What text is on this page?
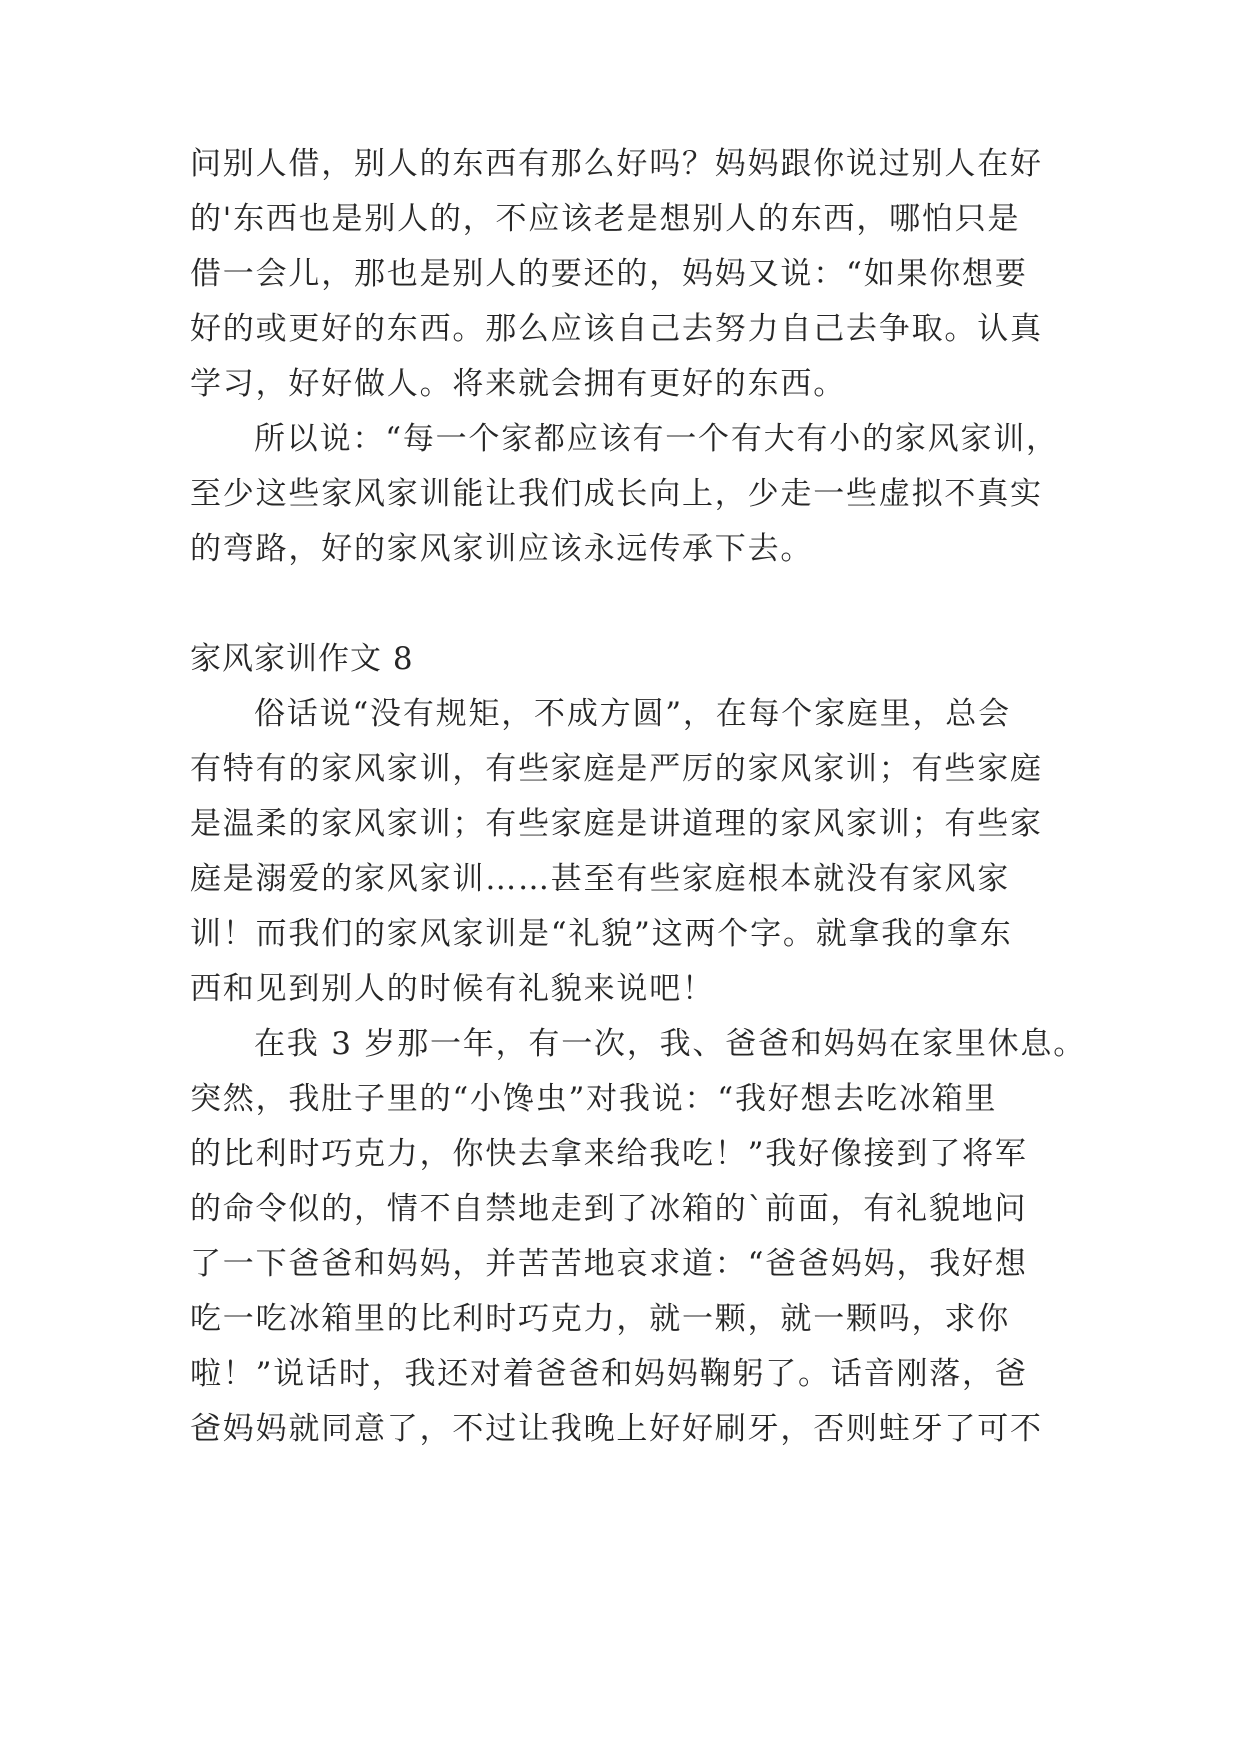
问别人借，别人的东西有那么好吗？妈妈跟你说过别人在好
的'东西也是别人的，不应该老是想别人的东西，哪怕只是
借一会儿，那也是别人的要还的，妈妈又说：“如果你想要
好的或更好的东西。那么应该自己去努力自己去争取。认真
学习，好好做人。将来就会拥有更好的东西。
所以说：“每一个家都应该有一个有大有小的家风家训，
至少这些家风家训能让我们成长向上，少走一些虚拟不真实
的弯路，好的家风家训应该永远传承下去。
家风家训作文 8
俗话说“没有规矩，不成方圆”，在每个家庭里，总会
有特有的家风家训，有些家庭是严厉的家风家训；有些家庭
是温柔的家风家训；有些家庭是讲道理的家风家训；有些家
庭是溺爱的家风家训……甚至有些家庭根本就没有家风家
训！而我们的家风家训是“礼貌”这两个字。就拿我的拿东
西和见到别人的时候有礼貌来说吧！
在我 3 岁那一年，有一次，我、爸爸和妈妈在家里休息。
突然，我肚子里的“小馋虫”对我说：“我好想去吃冰箱里
的比利时巧克力，你快去拿来给我吃！”我好像接到了将军
的命令似的，情不自禁地走到了冰箱的`前面，有礼貌地问
了一下爸爸和妈妈，并苦苦地哀求道：“爸爸妈妈，我好想
吃一吃冰箱里的比利时巧克力，就一颗，就一颗吗，求你
啦！”说话时，我还对着爸爸和妈妈鞠躬了。话音刚落，爸
爸妈妈就同意了，不过让我晚上好好刷牙，否则蛀牙了可不
